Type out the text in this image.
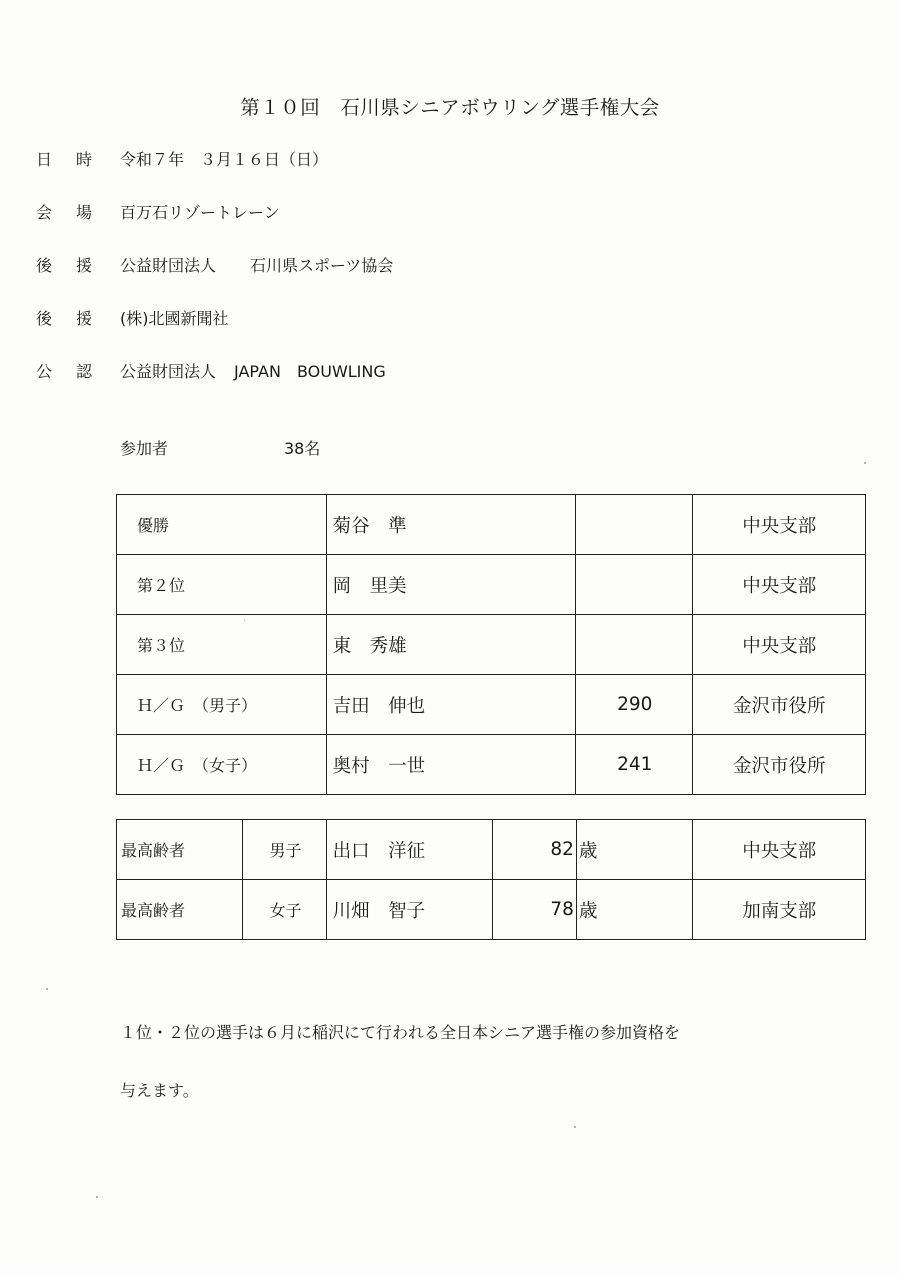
第１０回　石川県シニアボウリング選手権大会
日時 令和７年　３月１６日（日）
会場 百万石リゾートレーン
後援 公益財団法人 石川県スポーツ協会
後援 (株)北國新聞社
公認 公益財団法人 JAPAN　BOUWLING
参加者	38名
優勝	菊谷　準		中央支部
第２位	岡　里美		中央支部
第３位	東　秀雄		中央支部
Ｈ／Ｇ　（男子）	吉田　伸也	290	金沢市役所
Ｈ／Ｇ　（女子）	奥村　一世	241	金沢市役所
最高齢者	男子	出口　洋征	82	歳	中央支部
最高齢者	女子	川畑　智子	78	歳	加南支部
１位・２位の選手は６月に稲沢にて行われる全日本シニア選手権の参加資格を
与えます。
